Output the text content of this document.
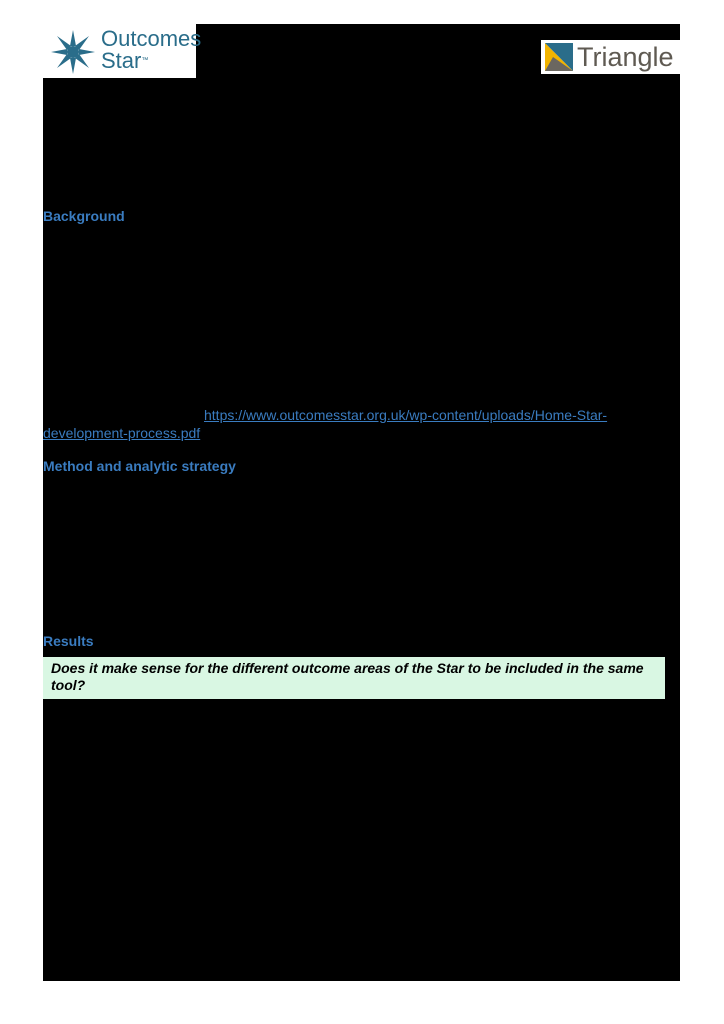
Outcomes
Star™	Triangle
Background
https://www.outcomesstar.org.uk/wp-content/uploads/Home-Star-
development-process.pdf
Method and analytic strategy
Results
Does it make sense for the different outcome areas of the Star to be included in the same tool?
